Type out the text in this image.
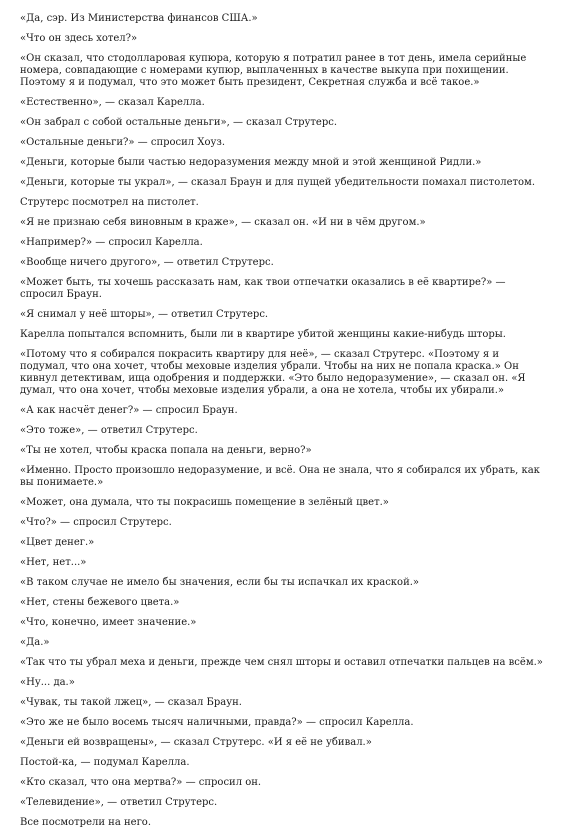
«Да, сэр. Из Министерства финансов США.»

«Что он здесь хотел?»

«Он сказал, что стодолларовая купюра, которую я потратил ранее в тот день, имела серийные номера, совпадающие с номерами купюр, выплаченных в качестве выкупа при похищении. Поэтому я и подумал, что это может быть президент, Секретная служба и всё такое.»

«Естественно», — сказал Карелла.

«Он забрал с собой остальные деньги», — сказал Струтерс.

«Остальные деньги?» — спросил Хоуз.

«Деньги, которые были частью недоразумения между мной и этой женщиной Ридли.»

«Деньги, которые ты украл», — сказал Браун и для пущей убедительности помахал пистолетом.

Струтерс посмотрел на пистолет.

«Я не признаю себя виновным в краже», — сказал он. «И ни в чём другом.»

«Например?» — спросил Карелла.

«Вообще ничего другого», — ответил Струтерс.

«Может быть, ты хочешь рассказать нам, как твои отпечатки оказались в её квартире?» — спросил Браун.

«Я снимал у неё шторы», — ответил Струтерс.

Карелла попытался вспомнить, были ли в квартире убитой женщины какие-нибудь шторы.

«Потому что я собирался покрасить квартиру для неё», — сказал Струтерс. «Поэтому я и подумал, что она хочет, чтобы меховые изделия убрали. Чтобы на них не попала краска.» Он кивнул детективам, ища одобрения и поддержки. «Это было недоразумение», — сказал он. «Я думал, что она хочет, чтобы меховые изделия убрали, а она не хотела, чтобы их убирали.»

«А как насчёт денег?» — спросил Браун.

«Это тоже», — ответил Струтерс.

«Ты не хотел, чтобы краска попала на деньги, верно?»

«Именно. Просто произошло недоразумение, и всё. Она не знала, что я собирался их убрать, как вы понимаете.»

«Может, она думала, что ты покрасишь помещение в зелёный цвет.»

«Что?» — спросил Струтерс.

«Цвет денег.»

«Нет, нет...»

«В таком случае не имело бы значения, если бы ты испачкал их краской.»

«Нет, стены бежевого цвета.»

«Что, конечно, имеет значение.»

«Да.»

«Так что ты убрал меха и деньги, прежде чем снял шторы и оставил отпечатки пальцев на всём.»

«Ну... да.»

«Чувак, ты такой лжец», — сказал Браун.

«Это же не было восемь тысяч наличными, правда?» — спросил Карелла.

«Деньги ей возвращены», — сказал Струтерс. «И я её не убивал.»

Постой-ка, — подумал Карелла.

«Кто сказал, что она мертва?» — спросил он.

«Телевидение», — ответил Струтерс.

Все посмотрели на него.
